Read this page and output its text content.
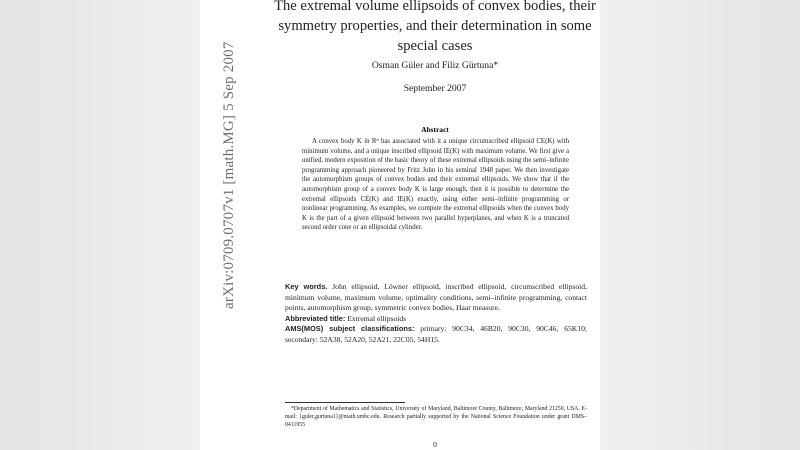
arXiv:0709.0707v1 [math.MG] 5 Sep 2007
The extremal volume ellipsoids of convex bodies, their symmetry properties, and their determination in some special cases
Osman Güler and Filiz Gürtuna*
September 2007
Abstract
A convex body K in Rⁿ has associated with it a unique circumscribed ellipsoid CE(K) with minimum volume, and a unique inscribed ellipsoid IE(K) with maximum volume. We first give a unified, modern exposition of the basic theory of these extremal ellipsoids using the semi–infinite programming approach pioneered by Fritz John in his seminal 1948 paper. We then investigate the automorphism groups of convex bodies and their extremal ellipsoids. We show that if the automorphism group of a convex body K is large enough, then it is possible to determine the extremal ellipsoids CE(K) and IE(K) exactly, using either semi–infinite programming or nonlinear programming. As examples, we compute the extremal ellipsoids when the convex body K is the part of a given ellipsoid between two parallel hyperplanes, and when K is a truncated second order cone or an ellipsoidal cylinder.
Key words. John ellipsoid, Löwner ellipsoid, inscribed ellipsoid, circumscribed ellipsoid, minimum volume, maximum volume, optimality conditions, semi–infinite programming, contact points, automorphism group, symmetric convex bodies, Haar measure.
Abbreviated title: Extremal ellipsoids
AMS(MOS) subject classifications: primary: 90C34, 46B20, 90C30, 90C46, 65K10; secondary: 52A38, 52A20, 52A21, 22C05, 54H15.
*Department of Mathematics and Statistics, University of Maryland, Baltimore County, Baltimore, Maryland 21250, USA. E-mail: {guler,gurtuna1}@math.umbc.edu. Research partially supported by the National Science Foundation under grant DMS–0411955
0
